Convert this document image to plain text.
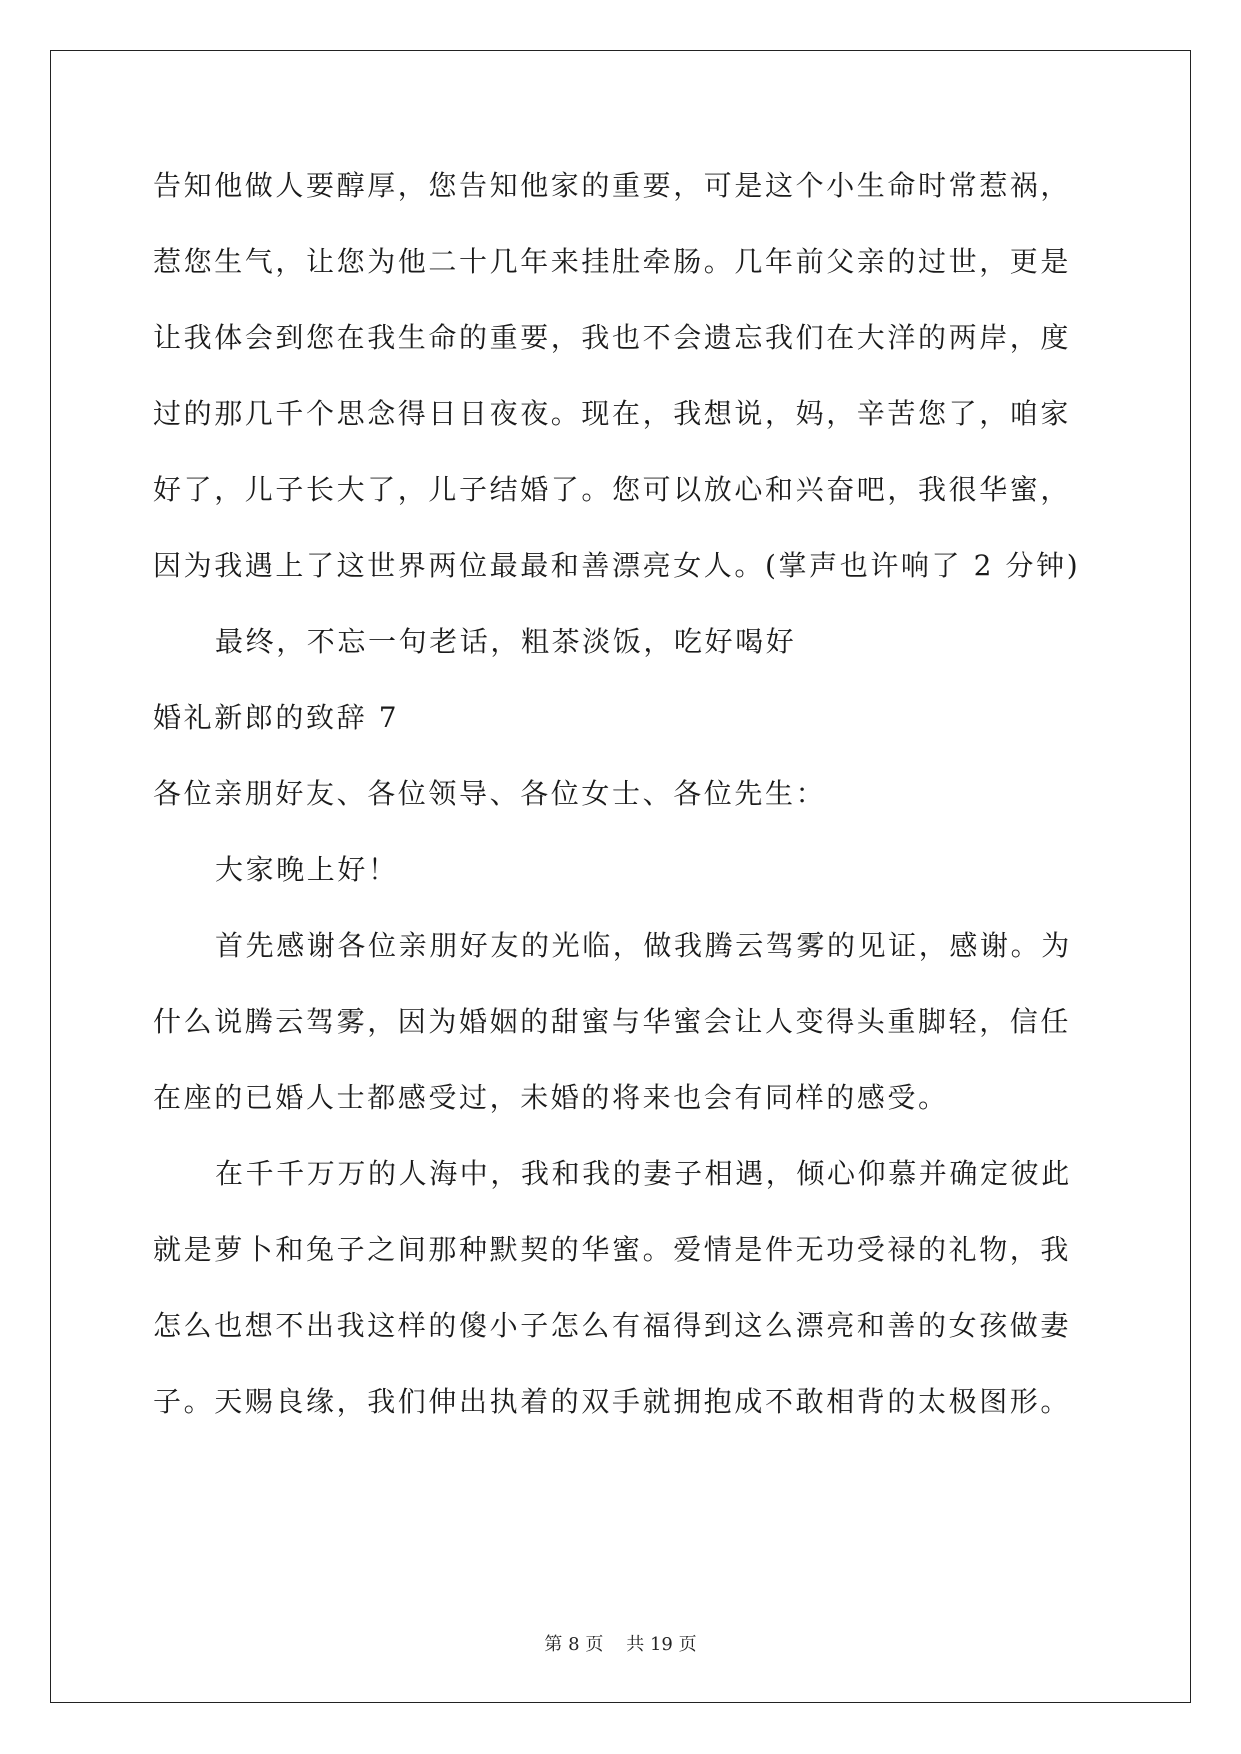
告知他做人要醇厚，您告知他家的重要，可是这个小生命时常惹祸，
惹您生气，让您为他二十几年来挂肚牵肠。几年前父亲的过世，更是
让我体会到您在我生命的重要，我也不会遗忘我们在大洋的两岸，度
过的那几千个思念得日日夜夜。现在，我想说，妈，辛苦您了，咱家
好了，儿子长大了，儿子结婚了。您可以放心和兴奋吧，我很华蜜，
因为我遇上了这世界两位最最和善漂亮女人。(掌声也许响了 2 分钟)
最终，不忘一句老话，粗茶淡饭，吃好喝好
婚礼新郎的致辞 7
各位亲朋好友、各位领导、各位女士、各位先生：
大家晚上好！
首先感谢各位亲朋好友的光临，做我腾云驾雾的见证，感谢。为
什么说腾云驾雾，因为婚姻的甜蜜与华蜜会让人变得头重脚轻，信任
在座的已婚人士都感受过，未婚的将来也会有同样的感受。
在千千万万的人海中，我和我的妻子相遇，倾心仰慕并确定彼此
就是萝卜和兔子之间那种默契的华蜜。爱情是件无功受禄的礼物，我
怎么也想不出我这样的傻小子怎么有福得到这么漂亮和善的女孩做妻
子。天赐良缘，我们伸出执着的双手就拥抱成不敢相背的太极图形。
第 8 页 共 19 页
